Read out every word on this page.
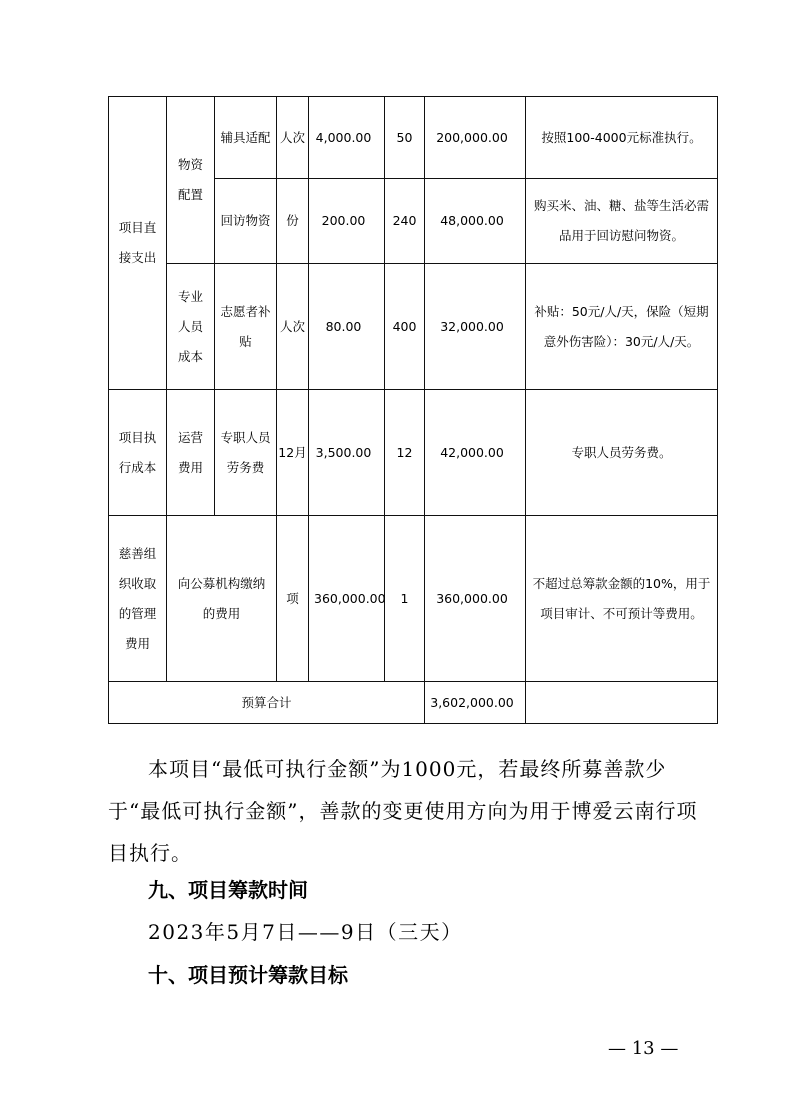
项目直接支出	物资配置	辅具适配	人次	4,000.00	50	200,000.00	按照100-4000元标准执行。
		回访物资	份	200.00	240	48,000.00	购买米、油、糖、盐等生活必需品用于回访慰问物资。
	专业人员成本	志愿者补贴	人次	80.00	400	32,000.00	补贴：50元/人/天，保险（短期意外伤害险）：30元/人/天。
项目执行成本	运营费用	专职人员劳务费	12月	3,500.00	12	42,000.00	专职人员劳务费。
慈善组织收取的管理费用	向公募机构缴纳的费用		项	360,000.00	1	360,000.00	不超过总筹款金额的10%，用于项目审计、不可预计等费用。
预算合计						3,602,000.00	
本项目“最低可执行金额”为1000元，若最终所募善款少于“最低可执行金额”，善款的变更使用方向为用于博爱云南行项目执行。
九、项目筹款时间
2023年5月7日——9日（三天）
十、项目预计筹款目标
— 13 —
